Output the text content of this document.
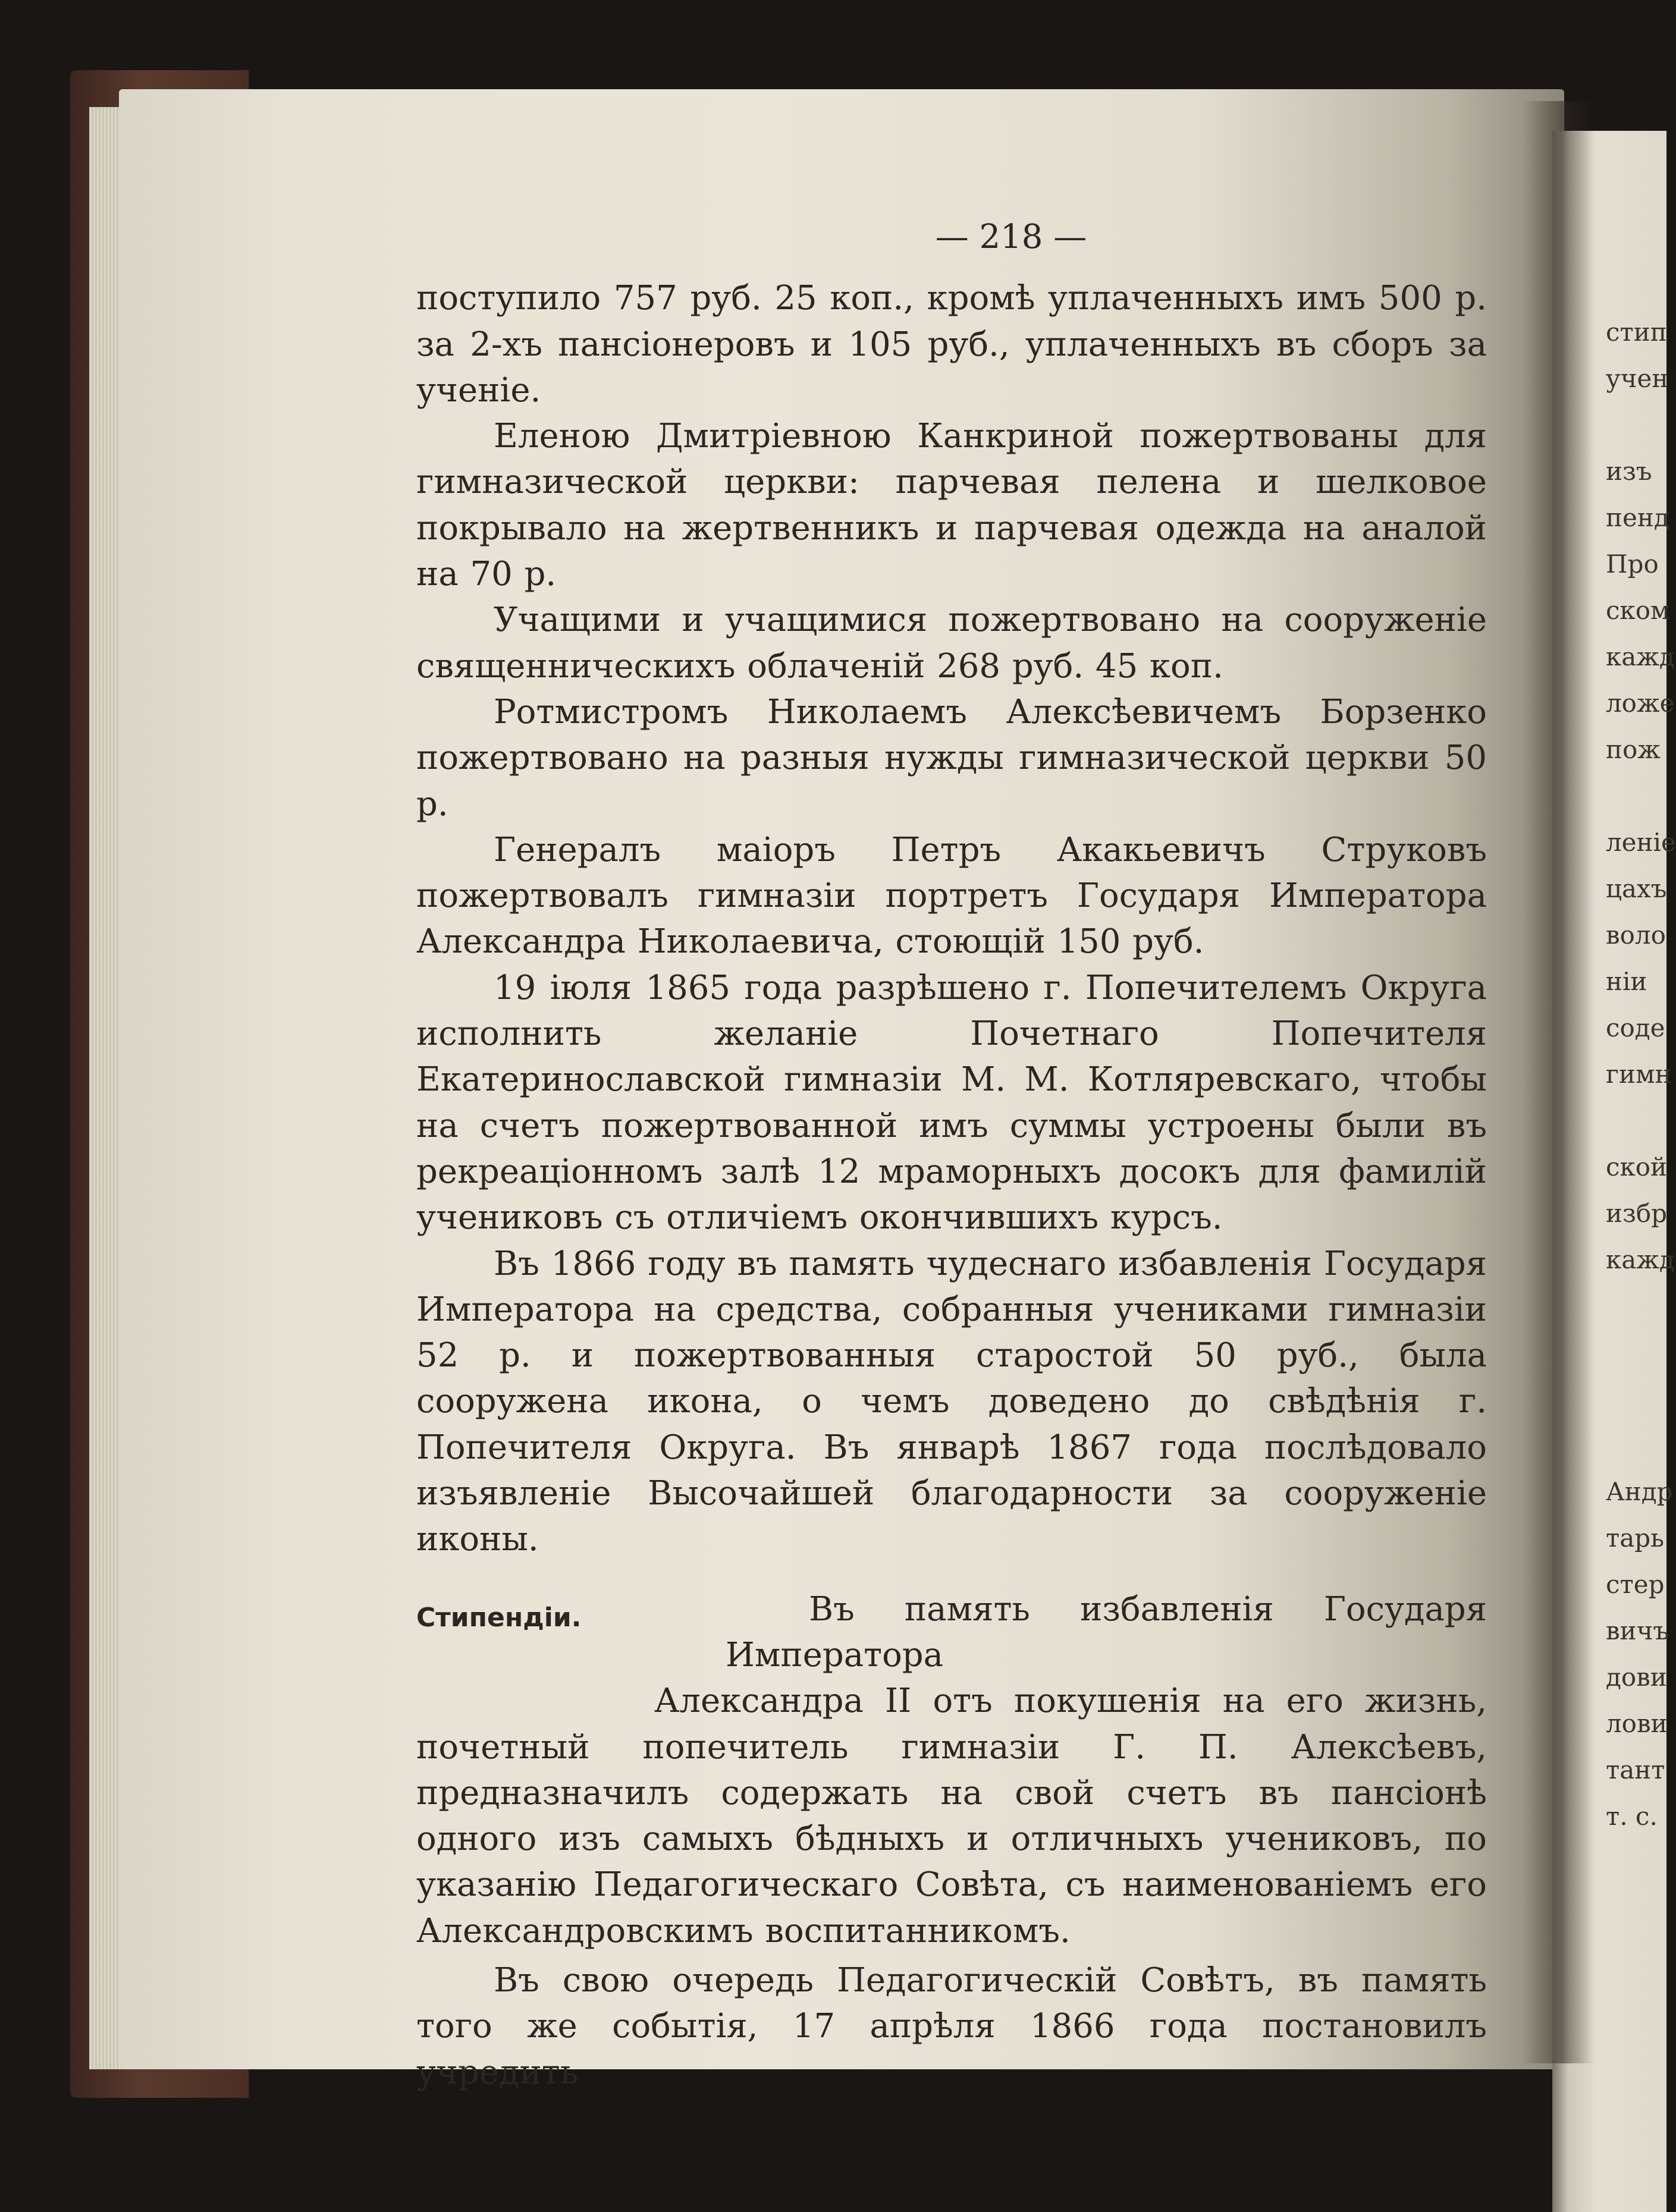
— 218 —

поступило 757 руб. 25 коп., кромѣ уплаченныхъ имъ 500 р. за 2-хъ пансіонеровъ и 105 руб., уплаченныхъ въ сборъ за ученіе.

Еленою Дмитріевною Канкриной пожертвованы для гимназической церкви: парчевая пелена и шелковое покрывало на жертвенникъ и парчевая одежда на аналой на 70 р.

Учащими и учащимися пожертвовано на сооруженіе священническихъ облаченій 268 руб. 45 коп.

Ротмистромъ Николаемъ Алексѣевичемъ Борзенко пожертвовано на разныя нужды гимназической церкви 50 р.

Генералъ маіоръ Петръ Акакьевичъ Струковъ пожертвовалъ гимназіи портретъ Государя Императора Александра Николаевича, стоющій 150 руб.

19 іюля 1865 года разрѣшено г. Попечителемъ Округа исполнить желаніе Почетнаго Попечителя Екатеринославской гимназіи М. М. Котляревскаго, чтобы на счетъ пожертвованной имъ суммы устроены были въ рекреаціонномъ залѣ 12 мраморныхъ досокъ для фамилій учениковъ съ отличіемъ окончившихъ курсъ.

Въ 1866 году въ память чудеснаго избавленія Государя Императора на средства, собранныя учениками гимназіи 52 р. и пожертвованныя старостой 50 руб., была сооружена икона, о чемъ доведено до свѣдѣнія г. Попечителя Округа. Въ январѣ 1867 года послѣдовало изъявленіе Высочайшей благодарности за сооруженіе иконы.

Стипендіи.	Въ память избавленія Государя Императора

Александра II отъ покушенія на его жизнь, почетный попечитель гимназіи Г. П. Алексѣевъ, предназначилъ содержать на свой счетъ въ пансіонѣ одного изъ самыхъ бѣдныхъ и отличныхъ учениковъ, по указанію Педагогическаго Совѣта, съ наименованіемъ его Александровскимъ воспитанникомъ.

Въ свою очередь Педагогическій Совѣтъ, въ память того же событія, 17 апрѣля 1866 года постановилъ учредить

стип
учен

изъ
пенд
Про
ском
кажд
ложе
пож

леніе
цахъ
воло
ніи
соде
гимн

ской
избр
кажд

Андр
тарь
стер
вичъ
дови
лови
тант
т. с.
